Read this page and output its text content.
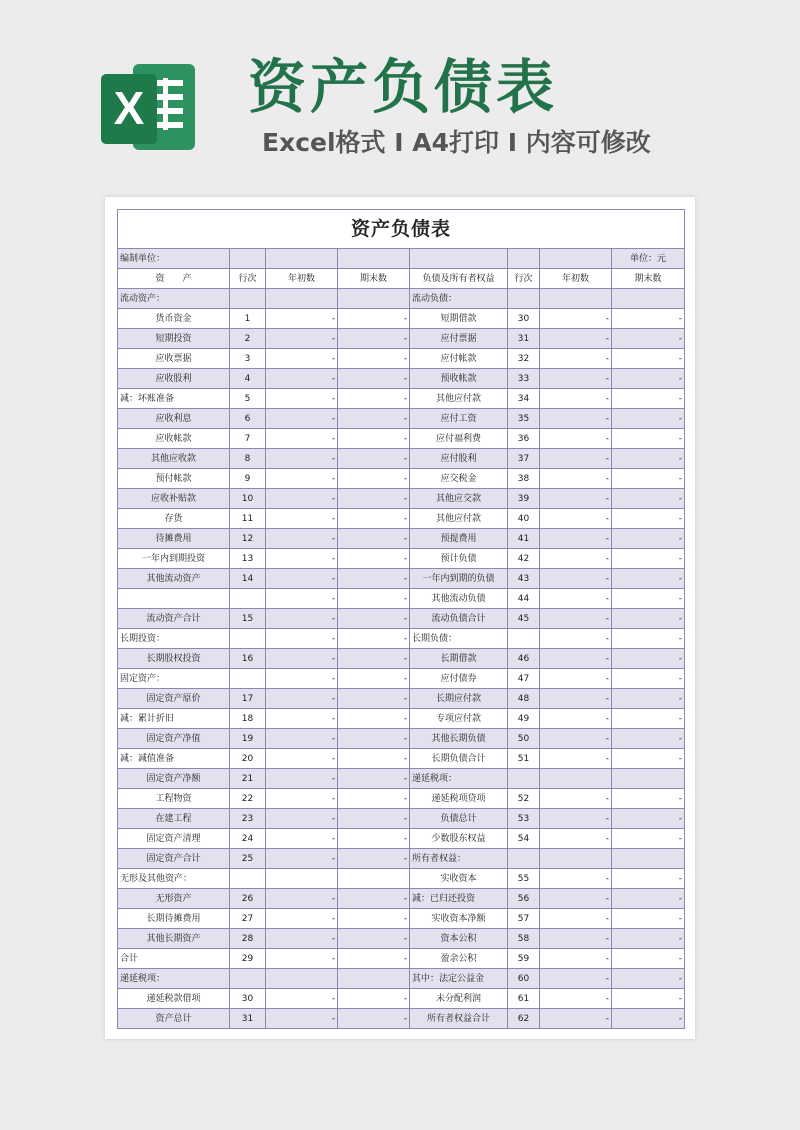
X 资产负债表
Excel格式 Ⅰ A4打印 Ⅰ 内容可修改
资产负债表							
编制单位：							单位：元
资　　产	行次	年初数	期末数	负债及所有者权益	行次	年初数	期末数
流动资产：				流动负债：			
货币资金	1	-	-	短期借款	30	-	-
短期投资	2	-	-	应付票据	31	-	-
应收票据	3	-	-	应付帐款	32	-	-
应收股利	4	-	-	预收帐款	33	-	-
减：坏账准备	5	-	-	其他应付款	34	-	-
应收利息	6	-	-	应付工资	35	-	-
应收帐款	7	-	-	应付福利费	36	-	-
其他应收款	8	-	-	应付股利	37	-	-
预付帐款	9	-	-	应交税金	38	-	-
应收补贴款	10	-	-	其他应交款	39	-	-
存货	11	-	-	其他应付款	40	-	-
待摊费用	12	-	-	预提费用	41	-	-
一年内到期投资	13	-	-	预计负债	42	-	-
其他流动资产	14	-	-	一年内到期的负债	43	-	-
		-	-	其他流动负债	44	-	-
流动资产合计	15	-	-	流动负债合计	45	-	-
长期投资：		-	-	长期负债：		-	-
长期股权投资	16	-	-	长期借款	46	-	-
固定资产：		-	-	应付债券	47	-	-
固定资产原价	17	-	-	长期应付款	48	-	-
减：累计折旧	18	-	-	专项应付款	49	-	-
固定资产净值	19	-	-	其他长期负债	50	-	-
减：减值准备	20	-	-	长期负债合计	51	-	-
固定资产净额	21	-	-	递延税项：			
工程物资	22	-	-	递延税项贷项	52	-	-
在建工程	23	-	-	负债总计	53	-	-
固定资产清理	24	-	-	少数股东权益	54	-	-
固定资产合计	25	-	-	所有者权益：			
无形及其他资产：				实收资本	55	-	-
无形资产	26	-	-	减：已归还投资	56	-	-
长期待摊费用	27	-	-	实收资本净额	57	-	-
其他长期资产	28	-	-	资本公积	58	-	-
合计	29	-	-	盈余公积	59	-	-
递延税项：				其中：法定公益金	60	-	-
递延税款借项	30	-	-	未分配利润	61	-	-
资产总计	31	-	-	所有者权益合计	62	-	-
